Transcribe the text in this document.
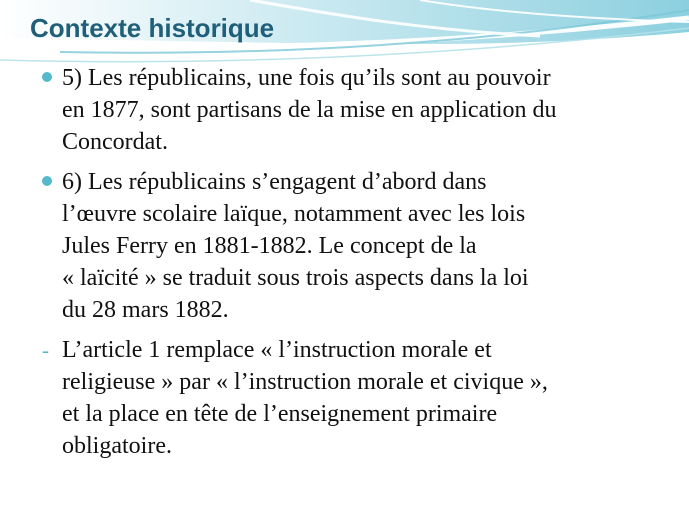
Contexte historique
5) Les républicains, une fois qu’ils sont au pouvoir
en 1877, sont partisans de la mise en application du
Concordat.
6) Les républicains s’engagent d’abord dans
l’œuvre scolaire laïque, notamment avec les lois
Jules Ferry en 1881-1882. Le concept de la
« laïcité » se traduit sous trois aspects dans la loi
du 28 mars 1882.
- L’article 1 remplace « l’instruction morale et
religieuse » par « l’instruction morale et civique »,
et la place en tête de l’enseignement primaire
obligatoire.
